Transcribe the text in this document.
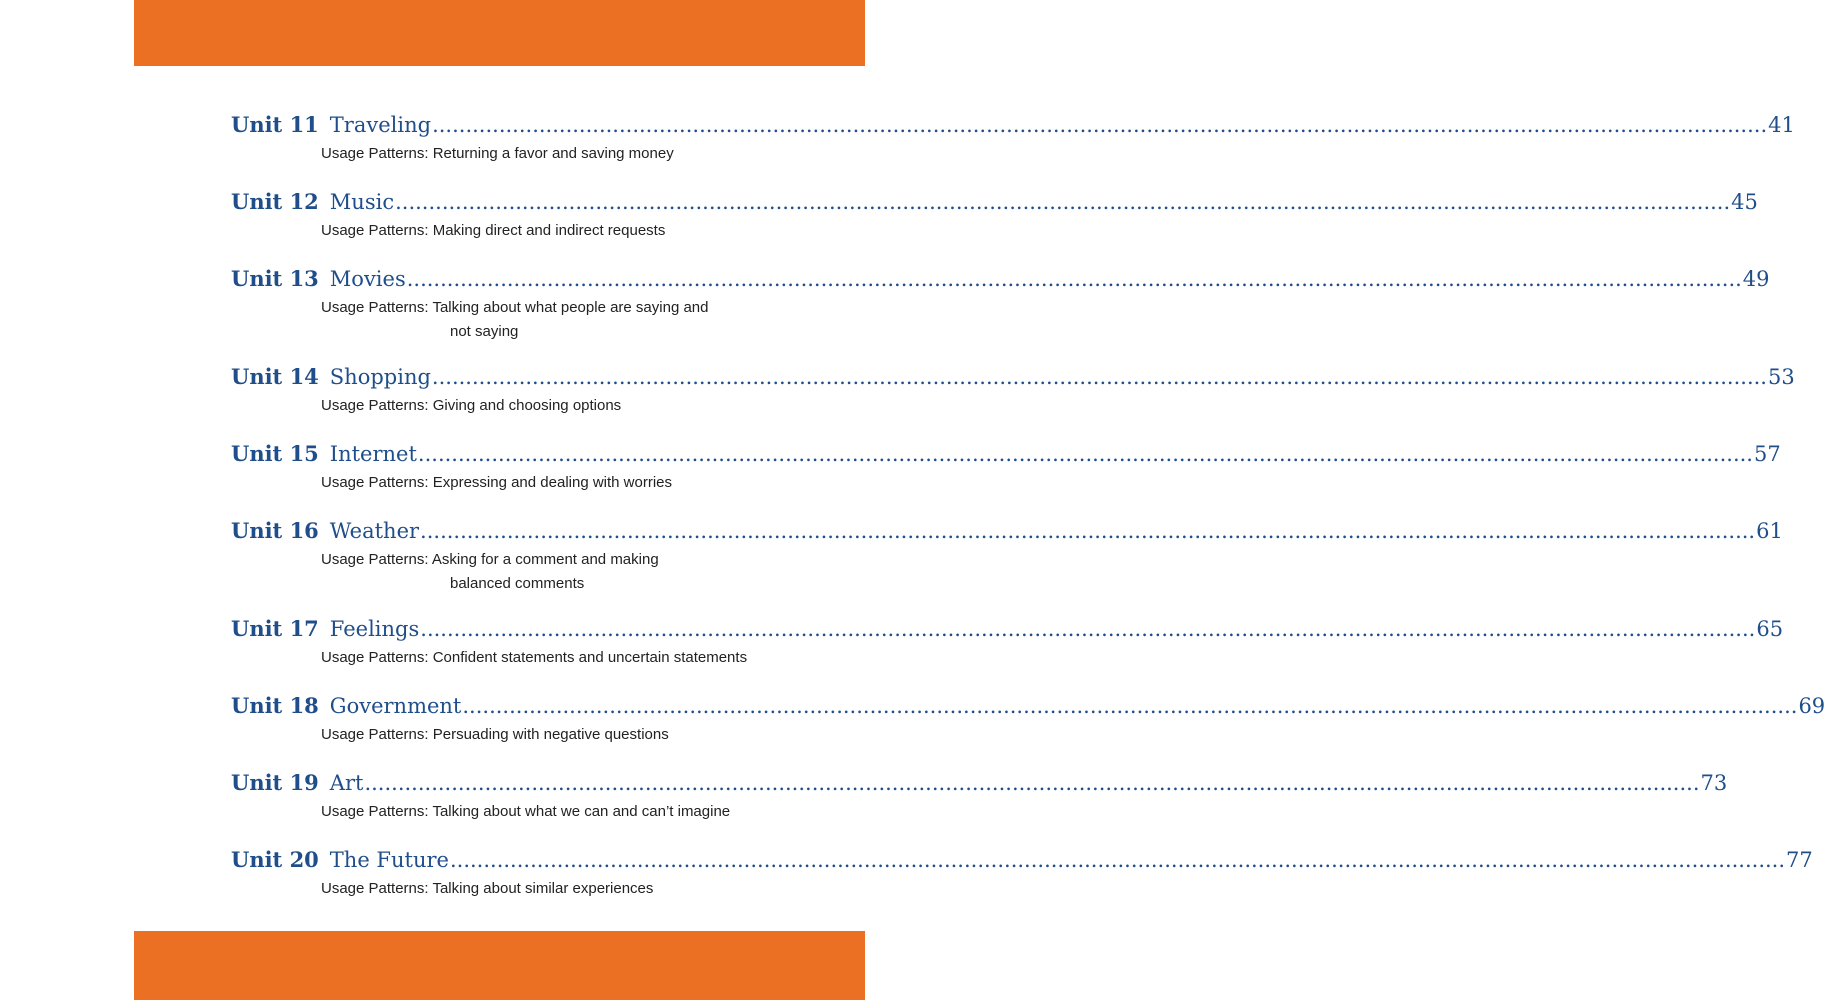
Unit 11 Traveling ........................................................................................................................................................................................................ 41
Usage Patterns: Returning a favor and saving money
Unit 12 Music ........................................................................................................................................................................................................ 45
Usage Patterns: Making direct and indirect requests
Unit 13 Movies ........................................................................................................................................................................................................ 49
Usage Patterns: Talking about what people are saying and
not saying
Unit 14 Shopping ........................................................................................................................................................................................................ 53
Usage Patterns: Giving and choosing options
Unit 15 Internet ........................................................................................................................................................................................................ 57
Usage Patterns: Expressing and dealing with worries
Unit 16 Weather ........................................................................................................................................................................................................ 61
Usage Patterns: Asking for a comment and making
balanced comments
Unit 17 Feelings ........................................................................................................................................................................................................ 65
Usage Patterns: Confident statements and uncertain statements
Unit 18 Government ........................................................................................................................................................................................................ 69
Usage Patterns: Persuading with negative questions
Unit 19 Art ........................................................................................................................................................................................................ 73
Usage Patterns: Talking about what we can and can’t imagine
Unit 20 The Future ........................................................................................................................................................................................................ 77
Usage Patterns: Talking about similar experiences
